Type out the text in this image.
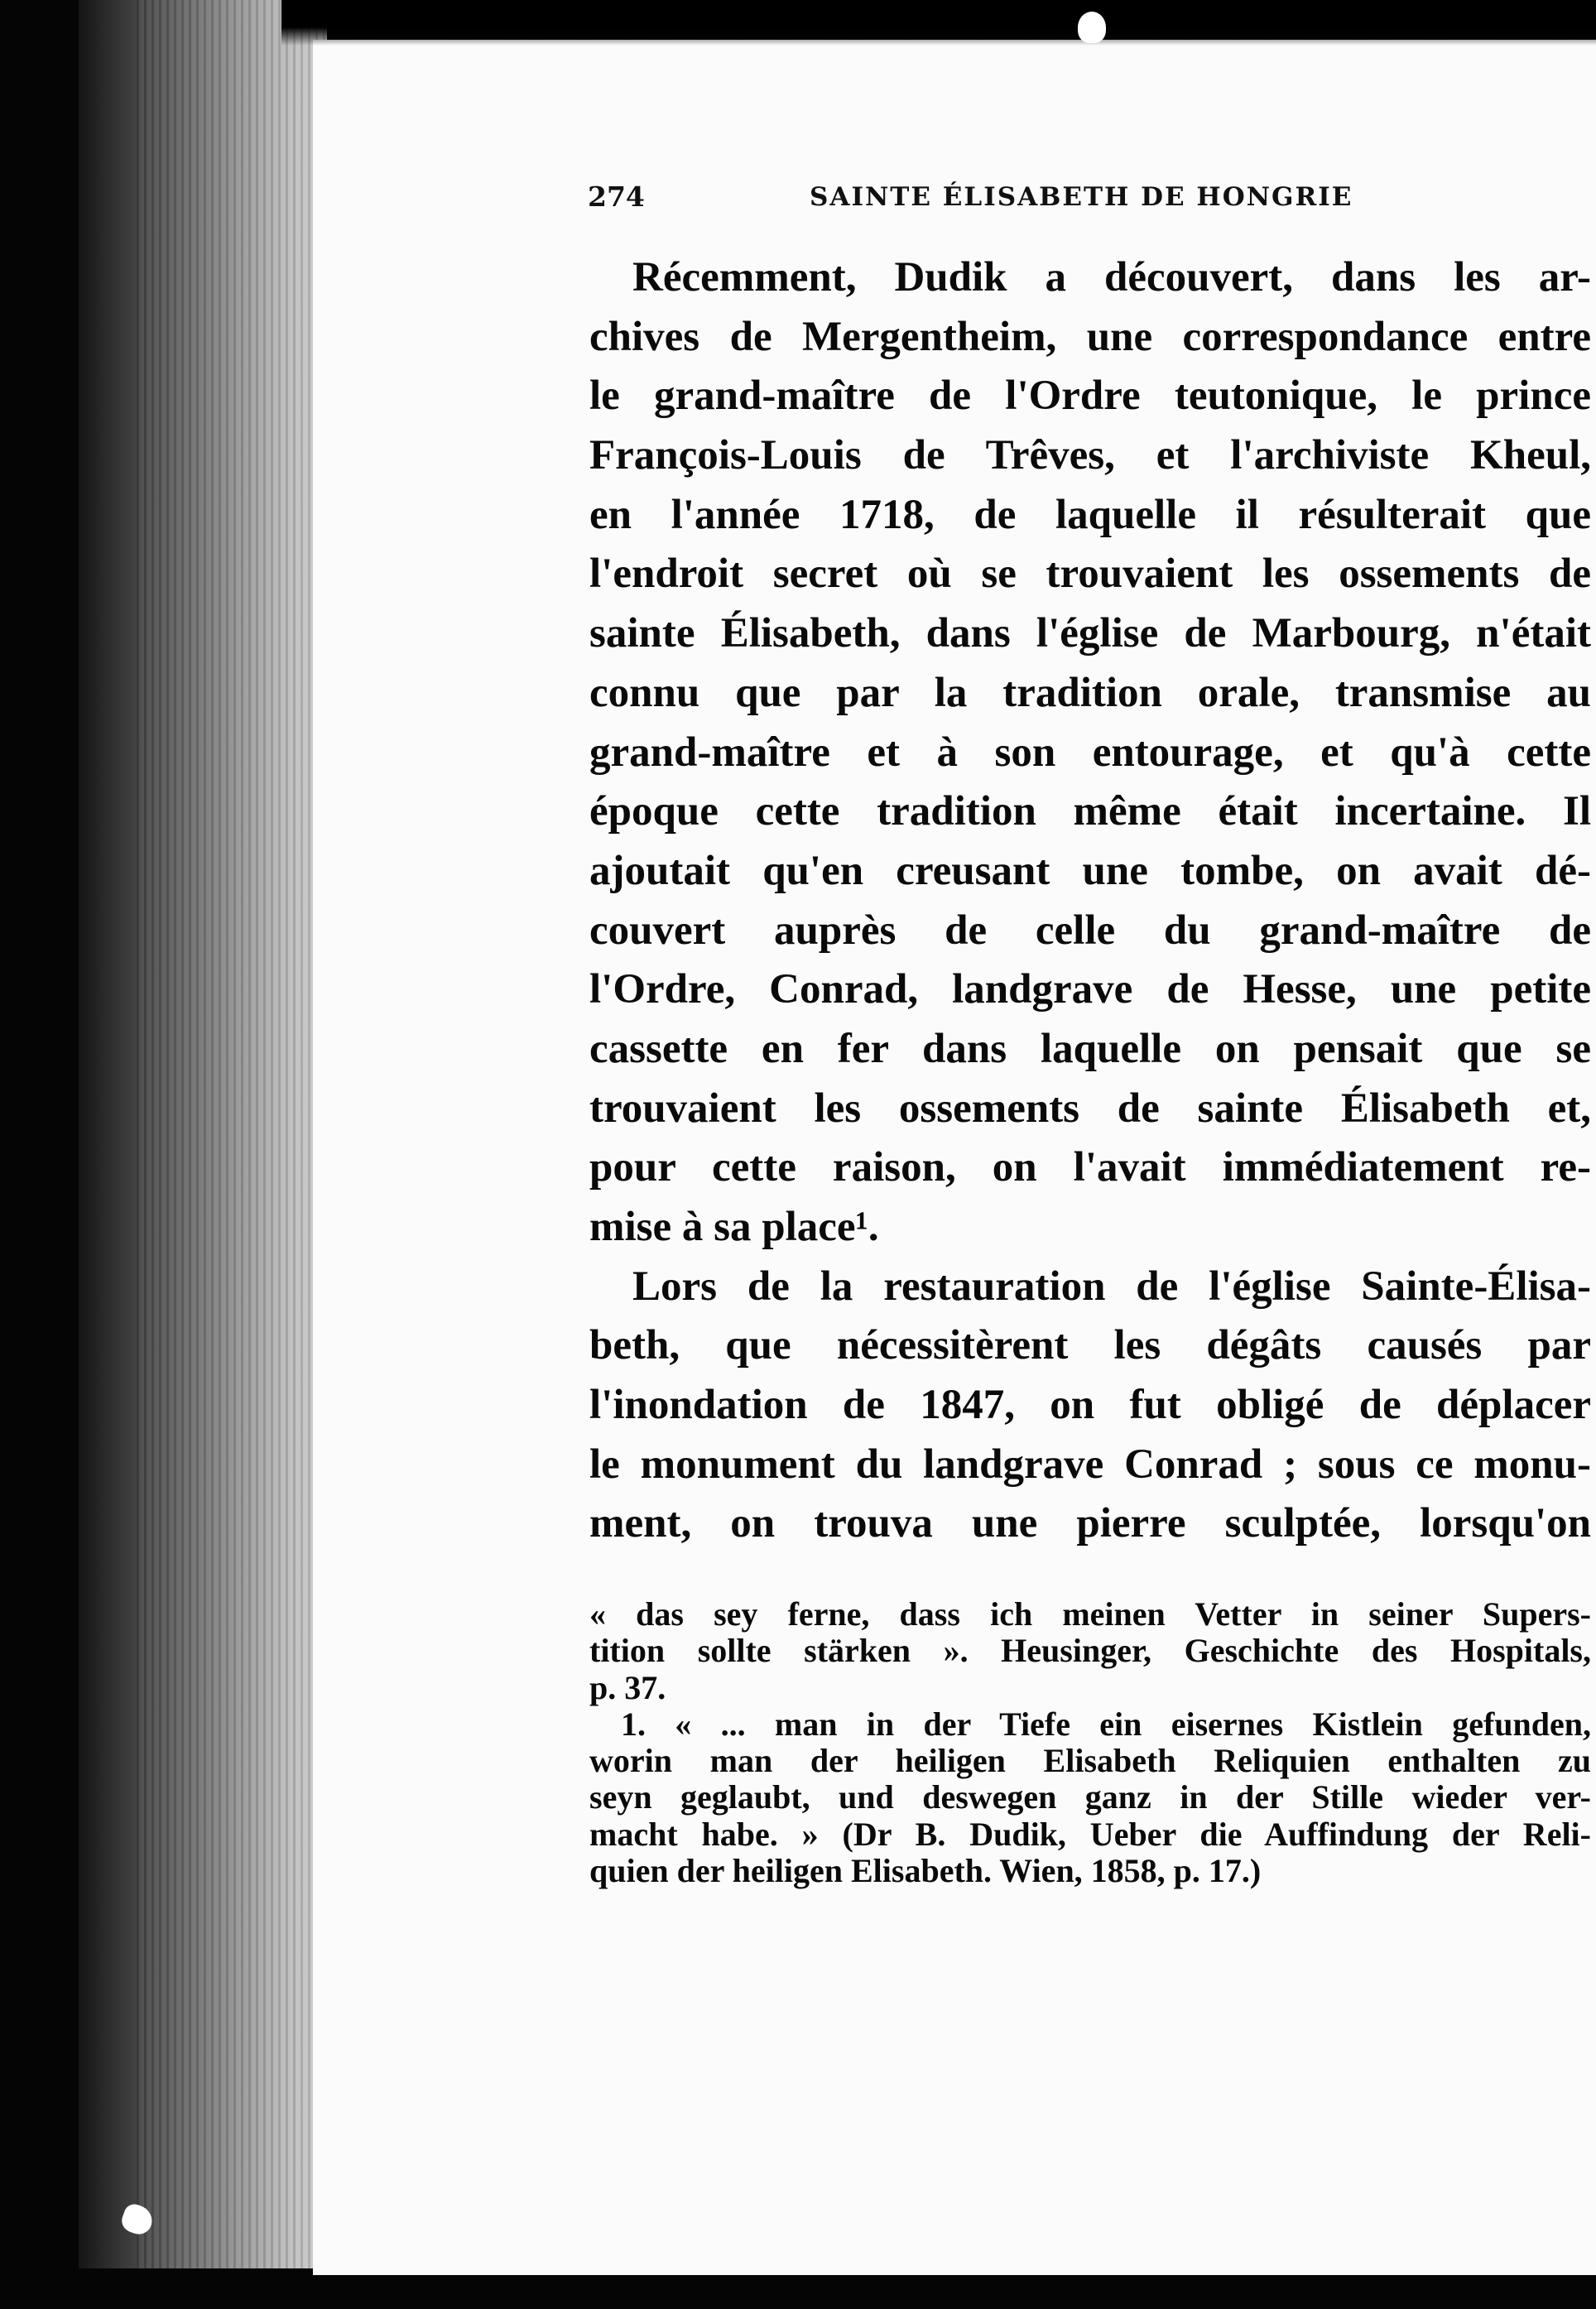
274	SAINTE ÉLISABETH DE HONGRIE
Récemment, Dudik a découvert, dans les ar-
chives de Mergentheim, une correspondance entre
le grand-maître de l'Ordre teutonique, le prince
François-Louis de Trêves, et l'archiviste Kheul,
en l'année 1718, de laquelle il résulterait que
l'endroit secret où se trouvaient les ossements de
sainte Élisabeth, dans l'église de Marbourg, n'était
connu que par la tradition orale, transmise au
grand-maître et à son entourage, et qu'à cette
époque cette tradition même était incertaine. Il
ajoutait qu'en creusant une tombe, on avait dé-
couvert auprès de celle du grand-maître de
l'Ordre, Conrad, landgrave de Hesse, une petite
cassette en fer dans laquelle on pensait que se
trouvaient les ossements de sainte Élisabeth et,
pour cette raison, on l'avait immédiatement re-
mise à sa place¹.
Lors de la restauration de l'église Sainte-Élisa-
beth, que nécessitèrent les dégâts causés par
l'inondation de 1847, on fut obligé de déplacer
le monument du landgrave Conrad ; sous ce monu-
ment, on trouva une pierre sculptée, lorsqu'on
« das sey ferne, dass ich meinen Vetter in seiner Supers-
tition sollte stärken ». Heusinger, Geschichte des Hospitals,
p. 37.
1. « ... man in der Tiefe ein eisernes Kistlein gefunden,
worin man der heiligen Elisabeth Reliquien enthalten zu
seyn geglaubt, und deswegen ganz in der Stille wieder ver-
macht habe. » (Dr B. Dudik, Ueber die Auffindung der Reli-
quien der heiligen Elisabeth. Wien, 1858, p. 17.)
